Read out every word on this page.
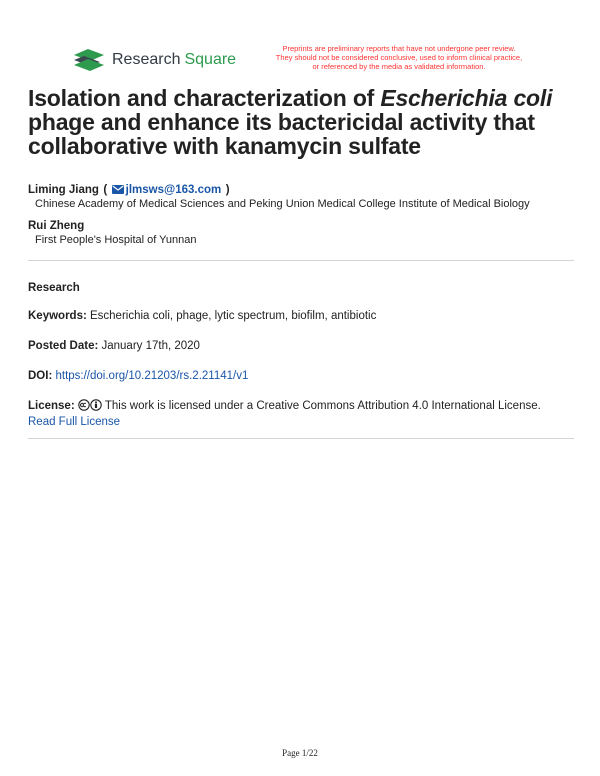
Research Square
Preprints are preliminary reports that have not undergone peer review.
They should not be considered conclusive, used to inform clinical practice,
or referenced by the media as validated information.
Isolation and characterization of Escherichia coli phage and enhance its bactericidal activity that collaborative with kanamycin sulfate
Liming Jiang ( jlmsws@163.com )
Chinese Academy of Medical Sciences and Peking Union Medical College Institute of Medical Biology
Rui Zheng
First People's Hospital of Yunnan
Research
Keywords: Escherichia coli, phage, lytic spectrum, biofilm, antibiotic
Posted Date: January 17th, 2020
DOI: https://doi.org/10.21203/rs.2.21141/v1
License:  This work is licensed under a Creative Commons Attribution 4.0 International License.
Read Full License
Page 1/22
